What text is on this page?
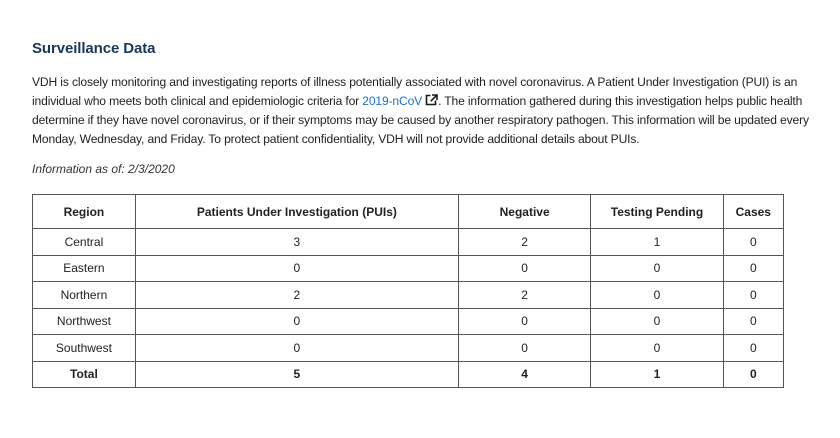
Surveillance Data

VDH is closely monitoring and investigating reports of illness potentially associated with novel coronavirus. A Patient Under Investigation (PUI) is an individual who meets both clinical and epidemiologic criteria for 2019-nCoV . The information gathered during this investigation helps public health determine if they have novel coronavirus, or if their symptoms may be caused by another respiratory pathogen. This information will be updated every Monday, Wednesday, and Friday. To protect patient confidentiality, VDH will not provide additional details about PUIs.

Information as of: 2/3/2020

Region	Patients Under Investigation (PUIs)	Negative	Testing Pending	Cases
Central	3	2	1	0
Eastern	0	0	0	0
Northern	2	2	0	0
Northwest	0	0	0	0
Southwest	0	0	0	0
Total	5	4	1	0
